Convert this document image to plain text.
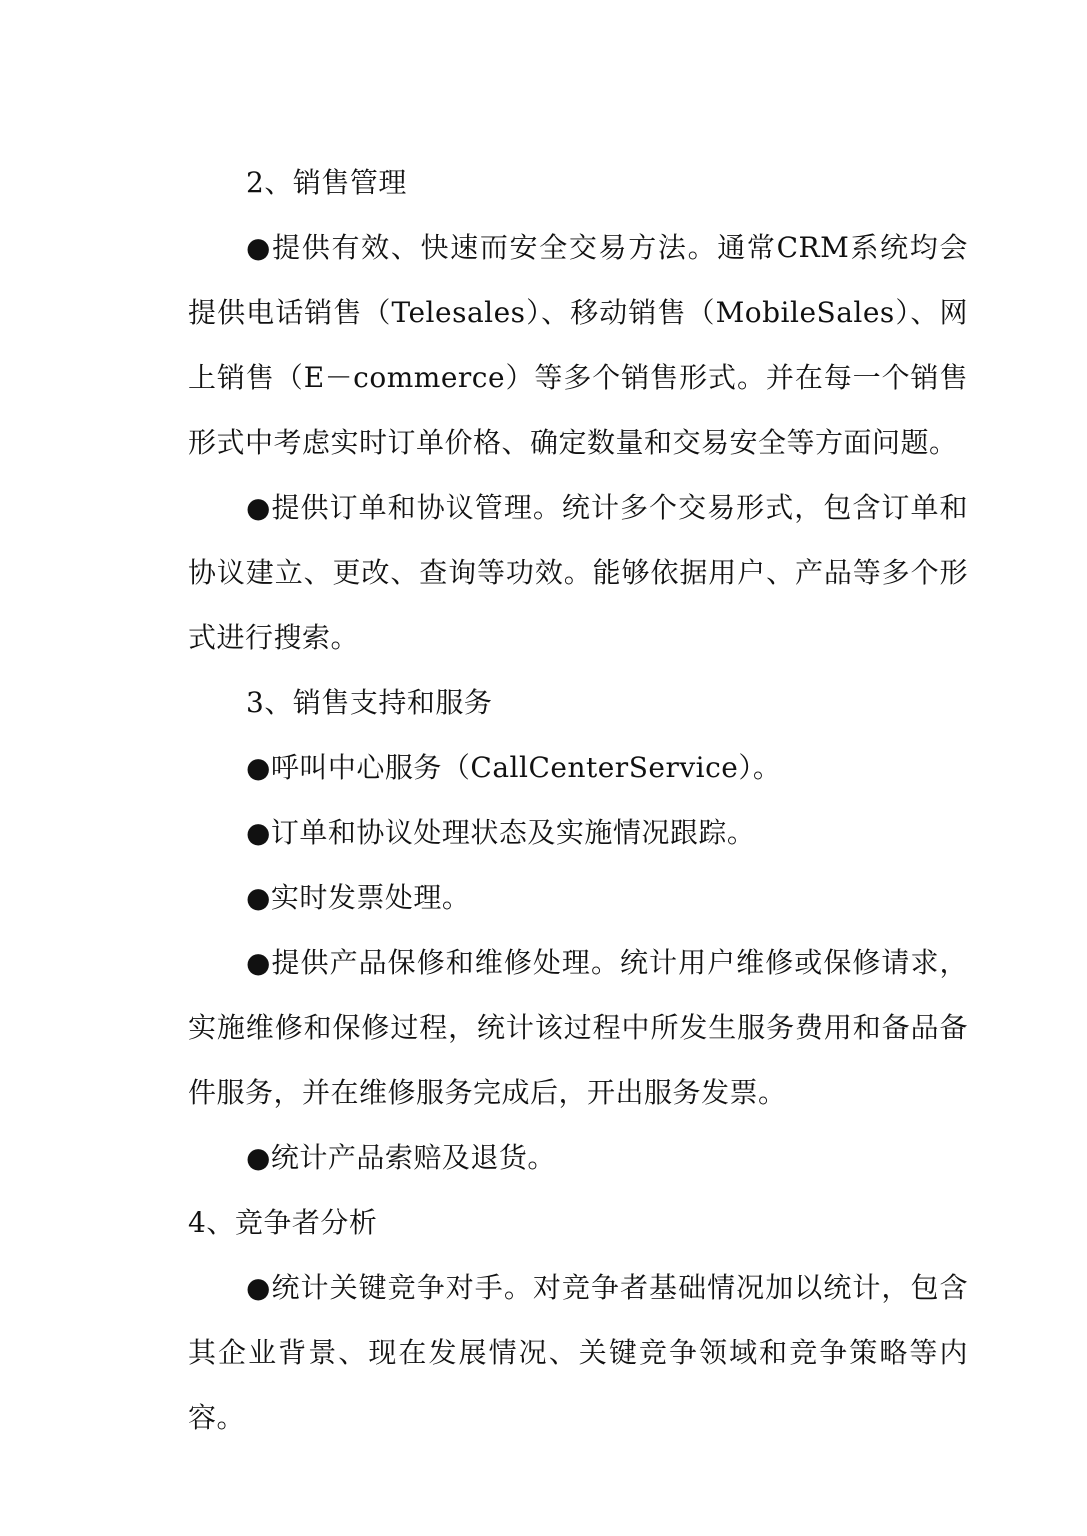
2、销售管理

●提供有效、快速而安全交易方法。通常CRM系统均会提供电话销售（Telesales）、移动销售（MobileSales）、网上销售（E－commerce）等多个销售形式。并在每一个销售形式中考虑实时订单价格、确定数量和交易安全等方面问题。

●提供订单和协议管理。统计多个交易形式，包含订单和协议建立、更改、查询等功效。能够依据用户、产品等多个形式进行搜索。

3、销售支持和服务

●呼叫中心服务（CallCenterService）。

●订单和协议处理状态及实施情况跟踪。

●实时发票处理。

●提供产品保修和维修处理。统计用户维修或保修请求，实施维修和保修过程，统计该过程中所发生服务费用和备品备件服务，并在维修服务完成后，开出服务发票。

●统计产品索赔及退货。

4、竞争者分析

●统计关键竞争对手。对竞争者基础情况加以统计，包含其企业背景、现在发展情况、关键竞争领域和竞争策略等内容。
